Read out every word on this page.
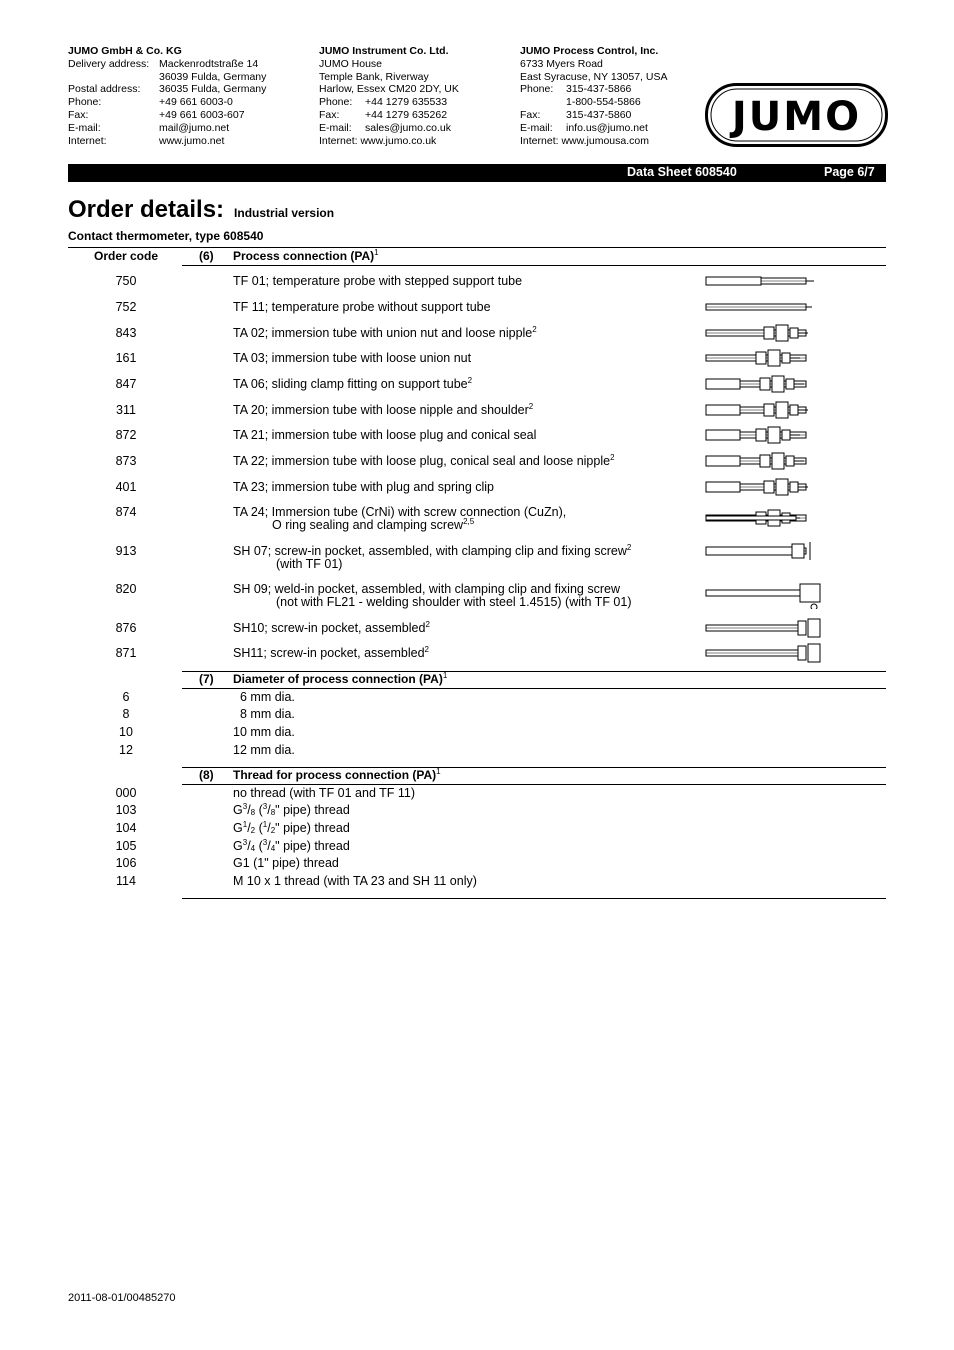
JUMO GmbH & Co. KG
Delivery address: Mackenrodtstraße 14
36039 Fulda, Germany
Postal address:	36035 Fulda, Germany
Phone:	+49 661 6003-0
Fax:	+49 661 6003-607
E-mail:	mail@jumo.net
Internet:	www.jumo.net
JUMO Instrument Co. Ltd.
JUMO House
Temple Bank, Riverway
Harlow, Essex CM20 2DY, UK
Phone:	+44 1279 635533
Fax:	+44 1279 635262
E-mail:	sales@jumo.co.uk
Internet:
www.jumo.co.uk
JUMO Process Control, Inc.
6733 Myers Road
East Syracuse, NY 13057, USA
Phone:	315-437-5866
1-800-554-5866
Fax:	315-437-5860
E-mail:	info.us@jumo.net
Internet:
www.jumousa.com
JUMO
Data Sheet 608540	Page 6/7
Order details: Industrial version
Contact thermometer, type 608540
Order code	(6) Process connection (PA)$^1$
750	TF 01; temperature probe with stepped support tube
752	TF 11; temperature probe without support tube
843	TA 02; immersion tube with union nut and loose nipple$^2$
161	TA 03; immersion tube with loose union nut
847	TA 06; sliding clamp fitting on support tube$^2$
311	TA 20; immersion tube with loose nipple and shoulder$^2$
872	TA 21; immersion tube with loose plug and conical seal
873	TA 22; immersion tube with loose plug, conical seal and loose nipple$^2$
401	TA 23; immersion tube with plug and spring clip
874	TA 24; Immersion tube (CrNi) with screw connection (CuZn),
O ring sealing and clamping screw$^{2,5}$
913	SH 07; screw-in pocket, assembled, with clamping clip and fixing screw$^2$
(with TF 01)
820	SH 09; weld-in pocket, assembled, with clamping clip and fixing screw
(not with FL21 - welding shoulder with steel 1.4515) (with TF 01)
876	SH10; screw-in pocket, assembled$^2$
871	SH11; screw-in pocket, assembled$^2$
(7) Diameter of process connection (PA)$^1$
6	6 mm dia.
8	8 mm dia.
10	10 mm dia.
12	12 mm dia.
(8) Thread for process connection (PA)$^1$
000	no thread (with TF 01 and TF 11)
103	$G^3/_8$ ($^3/_8$" pipe) thread
104	$G^1/_2$ ($^1/_2$" pipe) thread
105	$G^3/_4$ ($^3/_4$" pipe) thread
106	G1 (1" pipe) thread
114	M 10 x 1 thread (with TA 23 and SH 11 only)
2011-08-01/00485270
